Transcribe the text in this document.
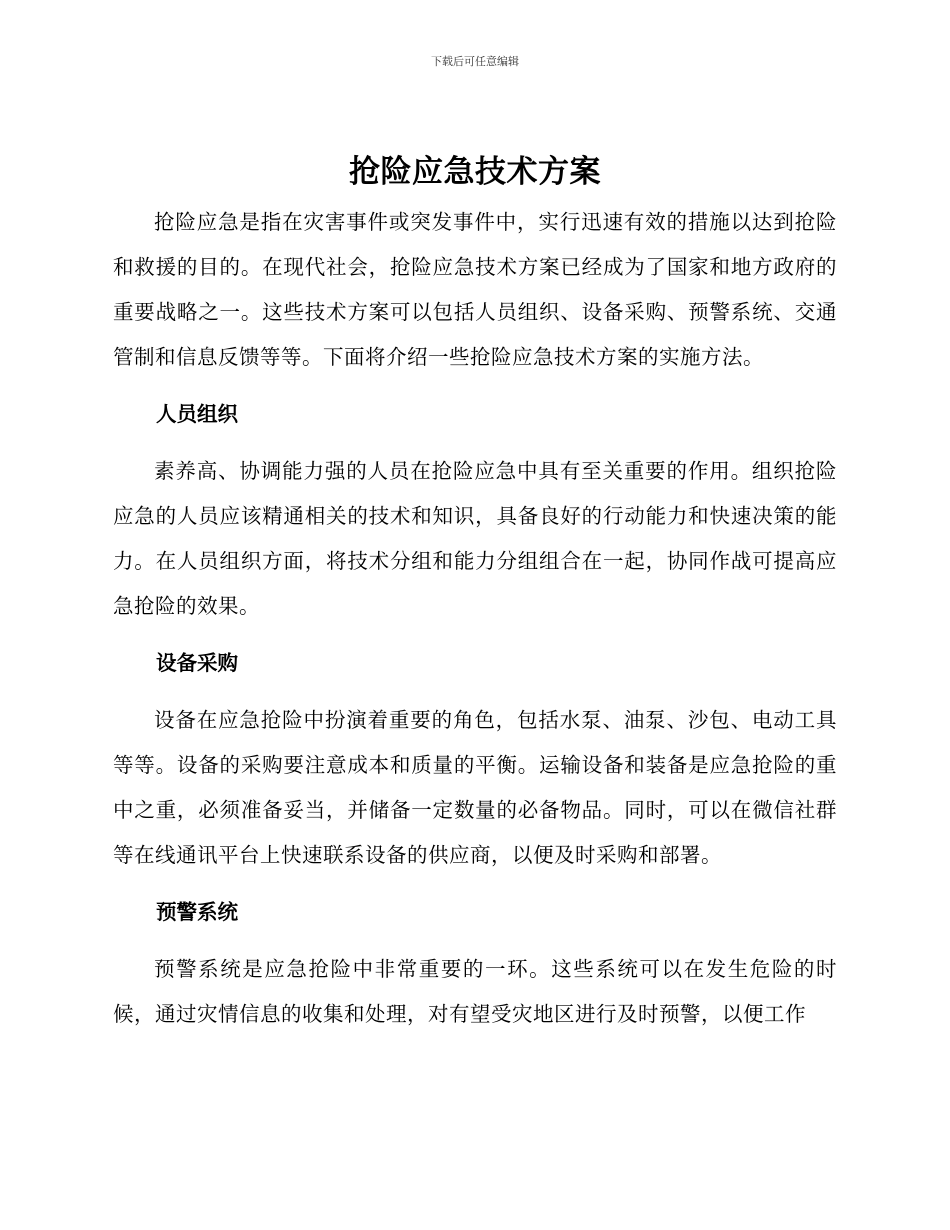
下载后可任意编辑
抢险应急技术方案

抢险应急是指在灾害事件或突发事件中，实行迅速有效的措施以达到抢险和救援的目的。在现代社会，抢险应急技术方案已经成为了国家和地方政府的重要战略之一。这些技术方案可以包括人员组织、设备采购、预警系统、交通管制和信息反馈等等。下面将介绍一些抢险应急技术方案的实施方法。

人员组织

素养高、协调能力强的人员在抢险应急中具有至关重要的作用。组织抢险应急的人员应该精通相关的技术和知识，具备良好的行动能力和快速决策的能力。在人员组织方面，将技术分组和能力分组组合在一起，协同作战可提高应急抢险的效果。

设备采购

设备在应急抢险中扮演着重要的角色，包括水泵、油泵、沙包、电动工具等等。设备的采购要注意成本和质量的平衡。运输设备和装备是应急抢险的重中之重，必须准备妥当，并储备一定数量的必备物品。同时，可以在微信社群等在线通讯平台上快速联系设备的供应商，以便及时采购和部署。

预警系统

预警系统是应急抢险中非常重要的一环。这些系统可以在发生危险的时候，通过灾情信息的收集和处理，对有望受灾地区进行及时预警，以便工作
